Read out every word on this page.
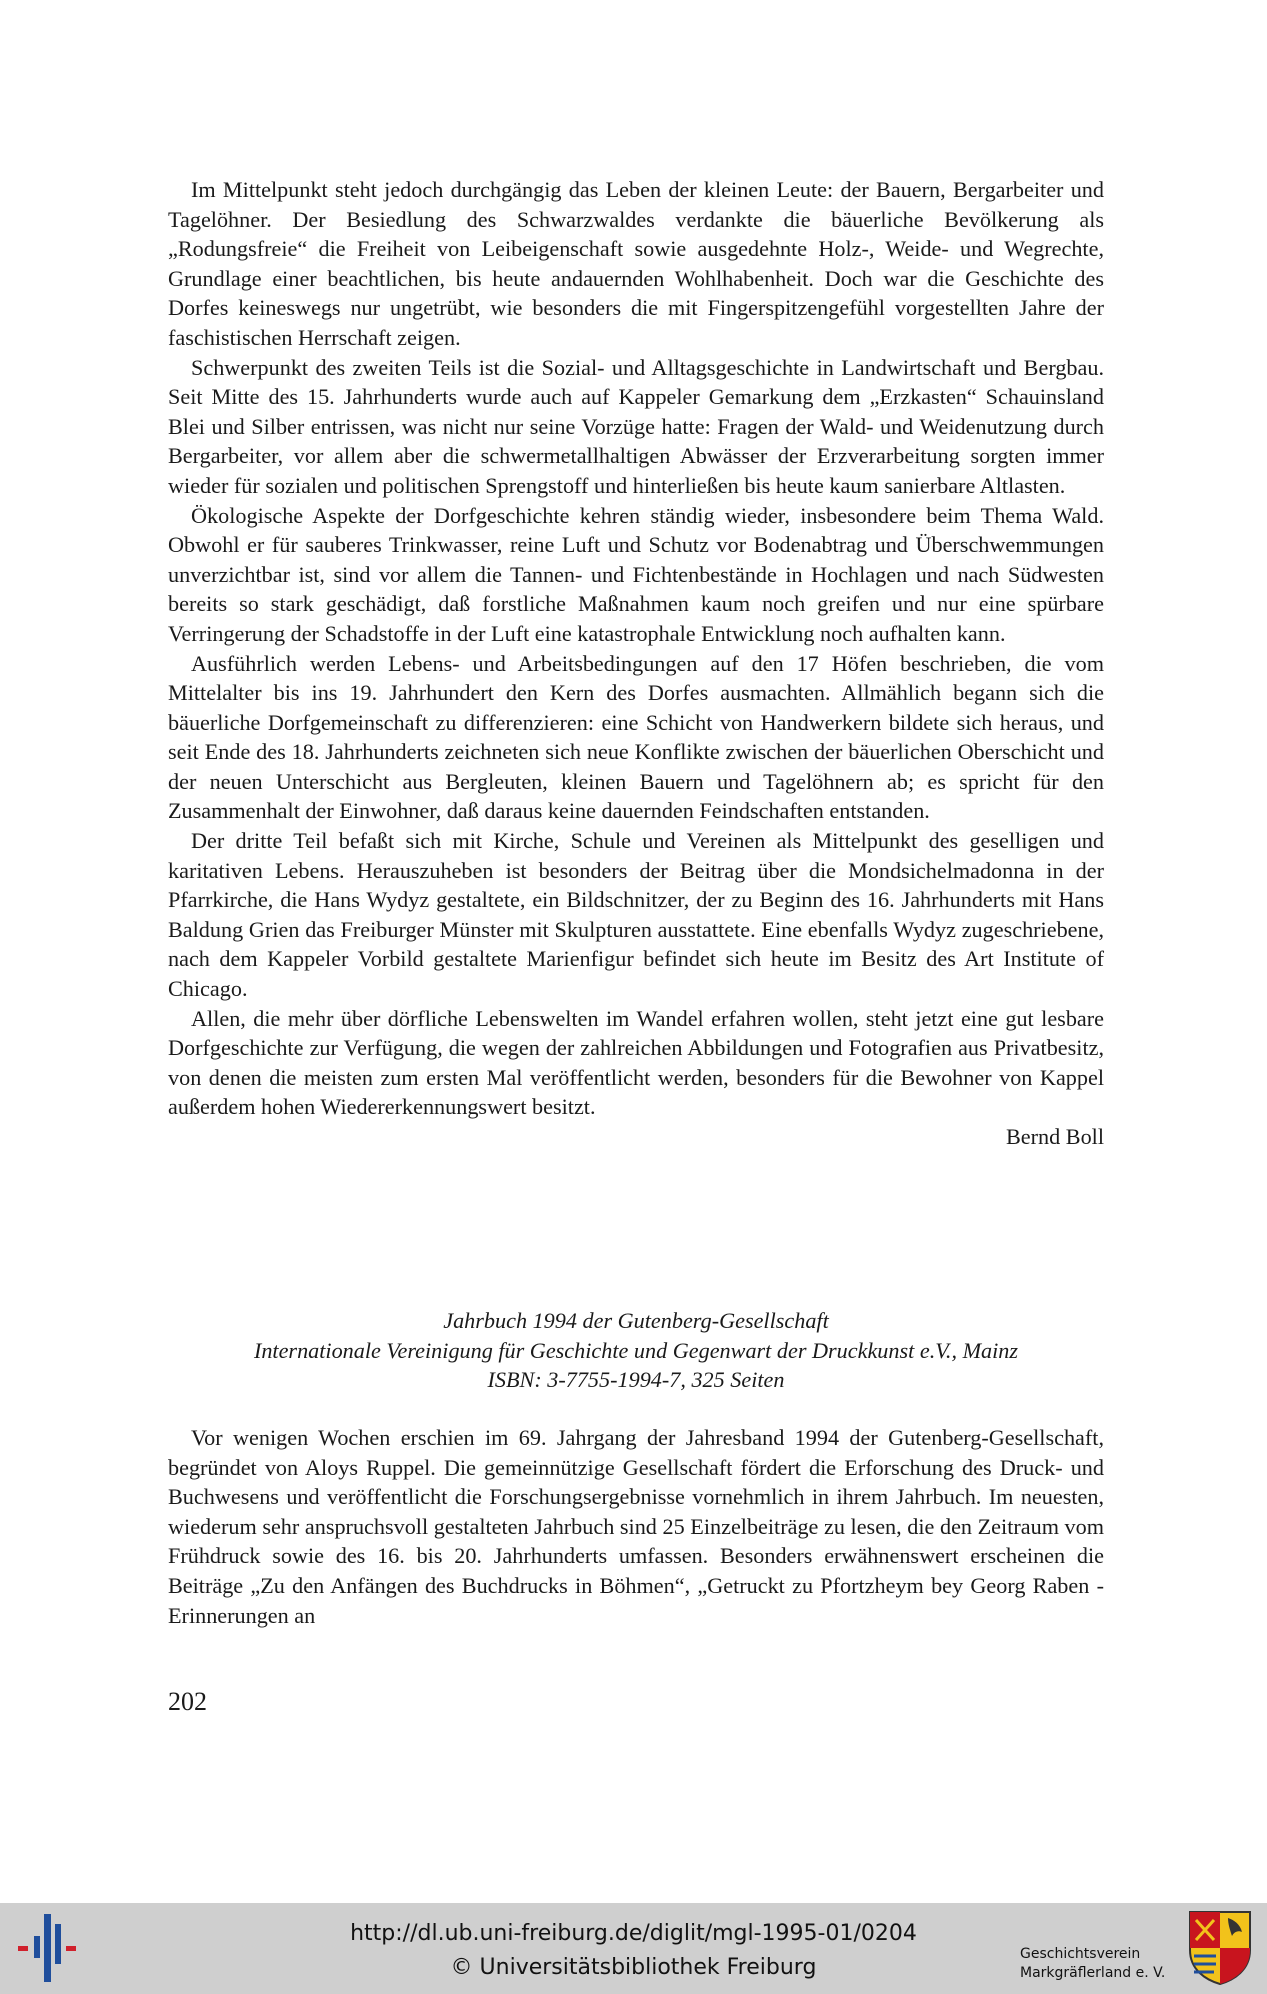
Im Mittelpunkt steht jedoch durchgängig das Leben der kleinen Leute: der Bauern, Bergarbeiter und Tagelöhner. Der Besiedlung des Schwarzwaldes verdankte die bäuerliche Bevölkerung als „Rodungsfreie“ die Freiheit von Leibeigenschaft sowie ausgedehnte Holz-, Weide- und Wegrechte, Grundlage einer beachtlichen, bis heute andauernden Wohlhabenheit. Doch war die Geschichte des Dorfes keineswegs nur ungetrübt, wie besonders die mit Fingerspitzengefühl vorgestellten Jahre der faschistischen Herrschaft zeigen.

Schwerpunkt des zweiten Teils ist die Sozial- und Alltagsgeschichte in Landwirtschaft und Bergbau. Seit Mitte des 15. Jahrhunderts wurde auch auf Kappeler Gemarkung dem „Erzkasten“ Schauinsland Blei und Silber entrissen, was nicht nur seine Vorzüge hatte: Fragen der Wald- und Weidenutzung durch Bergarbeiter, vor allem aber die schwermetallhaltigen Abwässer der Erzverarbeitung sorgten immer wieder für sozialen und politischen Sprengstoff und hinterließen bis heute kaum sanierbare Altlasten.

Ökologische Aspekte der Dorfgeschichte kehren ständig wieder, insbesondere beim Thema Wald. Obwohl er für sauberes Trinkwasser, reine Luft und Schutz vor Bodenabtrag und Überschwemmungen unverzichtbar ist, sind vor allem die Tannen- und Fichtenbestände in Hochlagen und nach Südwesten bereits so stark geschädigt, daß forstliche Maßnahmen kaum noch greifen und nur eine spürbare Verringerung der Schadstoffe in der Luft eine katastrophale Entwicklung noch aufhalten kann.

Ausführlich werden Lebens- und Arbeitsbedingungen auf den 17 Höfen beschrieben, die vom Mittelalter bis ins 19. Jahrhundert den Kern des Dorfes ausmachten. Allmählich begann sich die bäuerliche Dorfgemeinschaft zu differenzieren: eine Schicht von Handwerkern bildete sich heraus, und seit Ende des 18. Jahrhunderts zeichneten sich neue Konflikte zwischen der bäuerlichen Oberschicht und der neuen Unterschicht aus Bergleuten, kleinen Bauern und Tagelöhnern ab; es spricht für den Zusammenhalt der Einwohner, daß daraus keine dauernden Feindschaften entstanden.

Der dritte Teil befaßt sich mit Kirche, Schule und Vereinen als Mittelpunkt des geselligen und karitativen Lebens. Herauszuheben ist besonders der Beitrag über die Mondsichelmadonna in der Pfarrkirche, die Hans Wydyz gestaltete, ein Bildschnitzer, der zu Beginn des 16. Jahrhunderts mit Hans Baldung Grien das Freiburger Münster mit Skulpturen ausstattete. Eine ebenfalls Wydyz zugeschriebene, nach dem Kappeler Vorbild gestaltete Marienfigur befindet sich heute im Besitz des Art Institute of Chicago.

Allen, die mehr über dörfliche Lebenswelten im Wandel erfahren wollen, steht jetzt eine gut lesbare Dorfgeschichte zur Verfügung, die wegen der zahlreichen Abbildungen und Fotografien aus Privatbesitz, von denen die meisten zum ersten Mal veröffentlicht werden, besonders für die Bewohner von Kappel außerdem hohen Wiedererkennungswert besitzt.

Bernd Boll

Jahrbuch 1994 der Gutenberg-Gesellschaft
Internationale Vereinigung für Geschichte und Gegenwart der Druckkunst e.V., Mainz
ISBN: 3-7755-1994-7, 325 Seiten

Vor wenigen Wochen erschien im 69. Jahrgang der Jahresband 1994 der Gutenberg-Gesellschaft, begründet von Aloys Ruppel. Die gemeinnützige Gesellschaft fördert die Erforschung des Druck- und Buchwesens und veröffentlicht die Forschungsergebnisse vornehmlich in ihrem Jahrbuch. Im neuesten, wiederum sehr anspruchsvoll gestalteten Jahrbuch sind 25 Einzelbeiträge zu lesen, die den Zeitraum vom Frühdruck sowie des 16. bis 20. Jahrhunderts umfassen. Besonders erwähnenswert erscheinen die Beiträge „Zu den Anfängen des Buchdrucks in Böhmen“, „Getruckt zu Pfortzheym bey Georg Raben - Erinnerungen an

202
http://dl.ub.uni-freiburg.de/diglit/mgl-1995-01/0204
© Universitätsbibliothek Freiburg
Geschichtsverein
Markgräflerland e. V.
